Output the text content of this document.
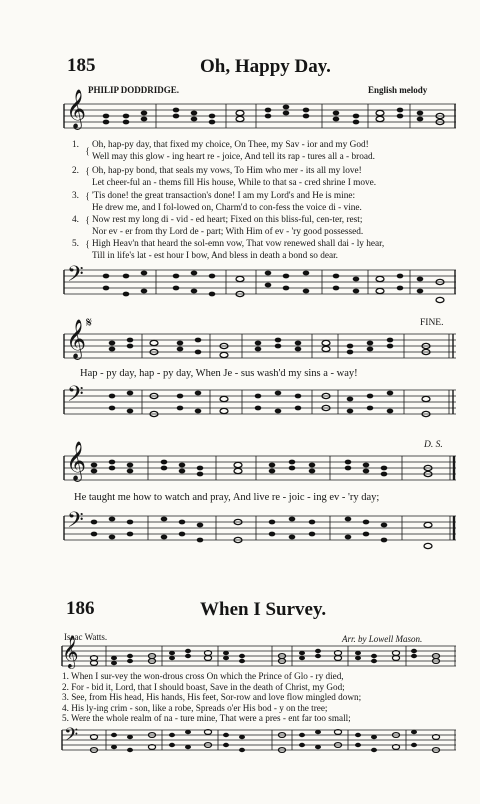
185	Oh, Happy Day.
PHILIP DODDRIDGE.	English melody
𝄞
1. {
Oh, hap-py day, that fixed my choice, On Thee, my Sav - ior and my God!
Well may this glow - ing heart re - joice, And tell its rap - tures all a - broad.
2. { Oh, hap-py bond, that seals my vows, To Him who mer - its all my love!
Let cheer-ful an - thems fill His house, While to that sa - cred shrine I move.
3. { 'Tis done! the great transaction's done! I am my Lord's and He is mine:
He drew me, and I fol-lowed on, Charm'd to con-fess the voice di - vine.
4. { Now rest my long di - vid - ed heart; Fixed on this bliss-ful, cen-ter, rest;
Nor ev - er from thy Lord de - part; With Him of ev - 'ry good possessed.
5. { High Heav'n that heard the sol-emn vow, That vow renewed shall dai - ly hear,
Till in life's lat - est hour I bow, And bless in death a bond so dear.
𝄢
FINE.
𝄞 𝄋
Hap - py day, hap - py day, When Je - sus wash'd my sins a - way!
𝄢
D. S.
𝄞
He taught me how to watch and pray, And live re - joic - ing ev - 'ry day;
𝄢
186	When I Survey.
Isaac Watts.	Arr. by Lowell Mason.
𝄞
1. When I sur-vey the won-drous cross On which the Prince of Glo - ry died,
2. For - bid it, Lord, that I should boast, Save in the death of Christ, my God;
3. See, from His head, His hands, His feet, Sor-row and love flow mingled down;
4. His ly-ing crim - son, like a robe, Spreads o'er His bod - y on the tree;
5. Were the whole realm of na - ture mine, That were a pres - ent far too small;
𝄢
